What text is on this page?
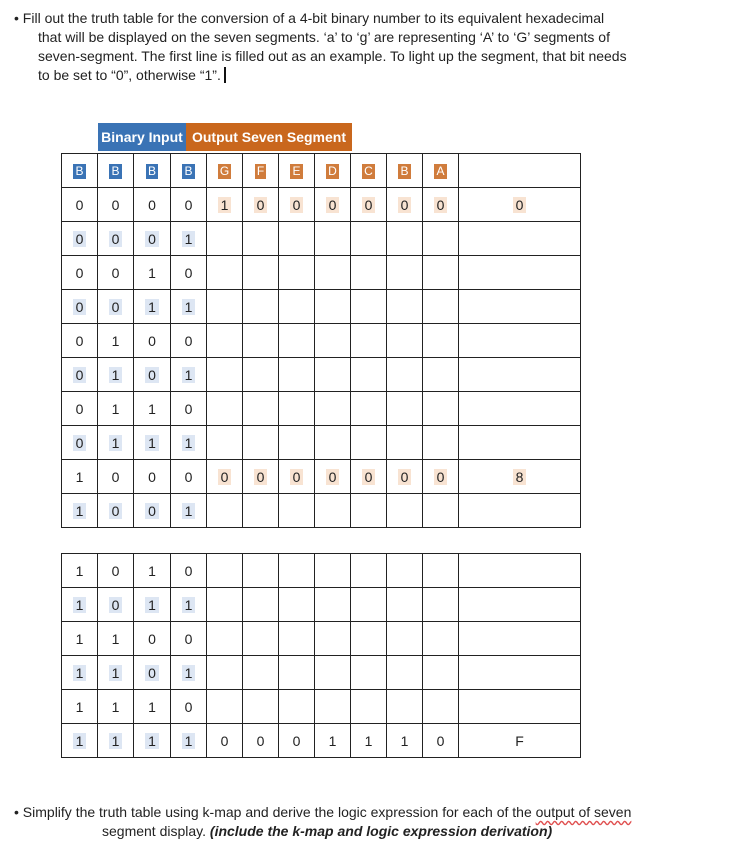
• Fill out the truth table for the conversion of a 4-bit binary number to its equivalent hexadecimal
that will be displayed on the seven segments. ‘a’ to ‘g’ are representing ‘A’ to ‘G’ segments of
seven-segment. The first line is filled out as an example. To light up the segment, that bit needs
to be set to “0”, otherwise “1”.
Binary Input Output Seven Segment
B	B	B	B	G	F	E	D	C	B	A	
0	0	0	0	1	0	0	0	0	0	0	0
0	0	0	1								
0	0	1	0								
0	0	1	1								
0	1	0	0								
0	1	0	1								
0	1	1	0								
0	1	1	1								
1	0	0	0	0	0	0	0	0	0	0	8
1	0	0	1								
1	0	1	0								
1	0	1	1								
1	1	0	0								
1	1	0	1								
1	1	1	0								
1	1	1	1	0	0	0	1	1	1	0	F
• Simplify the truth table using k-map and derive the logic expression for each of the output of seven
segment display. (include the k-map and logic expression derivation)
